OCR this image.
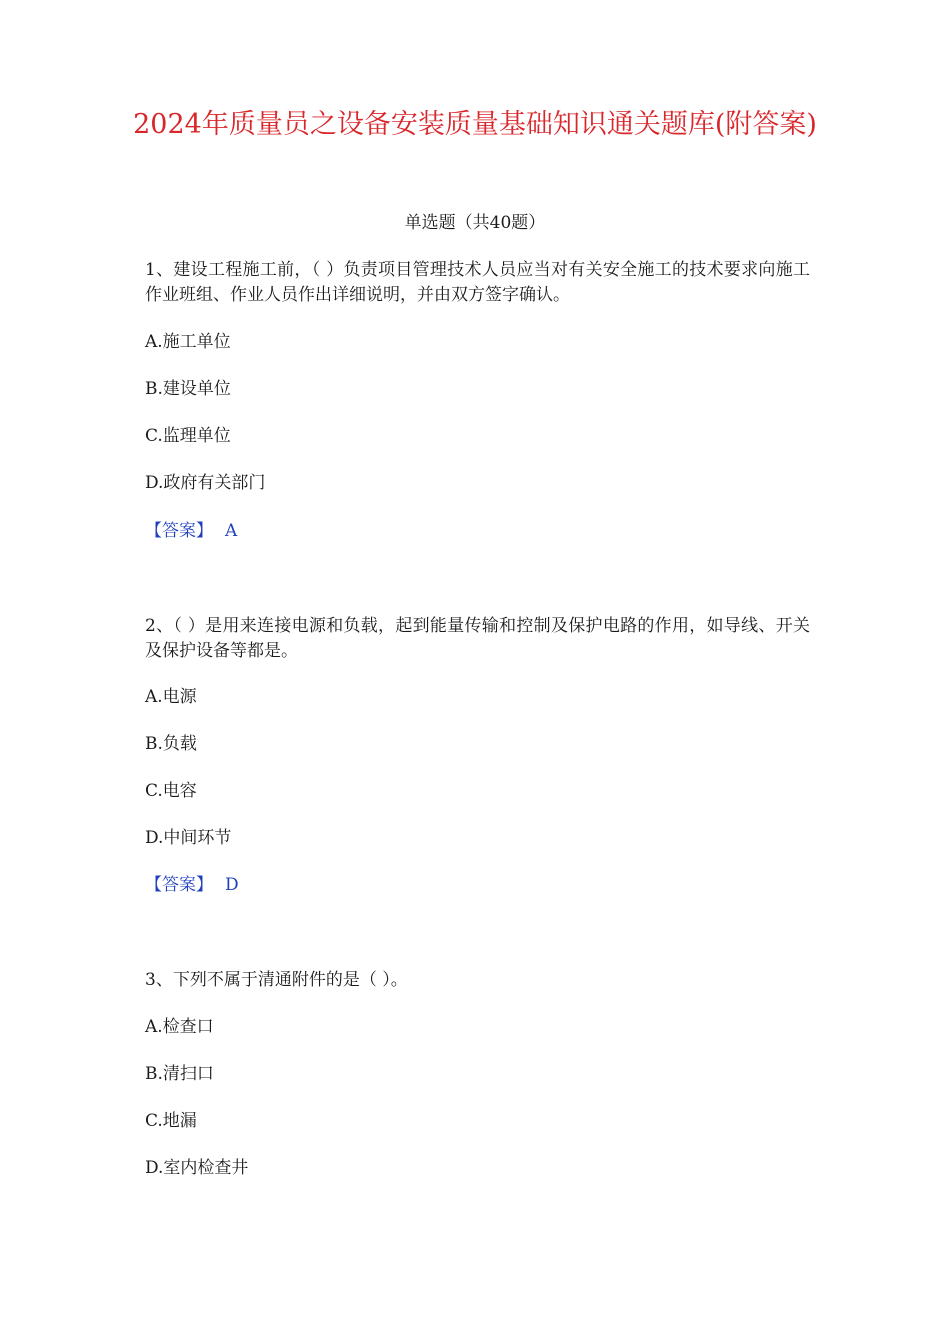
2024年质量员之设备安装质量基础知识通关题库(附答案)
单选题（共40题）
1、建设工程施工前，（ ）负责项目管理技术人员应当对有关安全施工的技术要求向施工作业班组、作业人员作出详细说明，并由双方签字确认。
A.施工单位
B.建设单位
C.监理单位
D.政府有关部门
【答案】 A
2、（ ）是用来连接电源和负载，起到能量传输和控制及保护电路的作用，如导线、开关及保护设备等都是。
A.电源
B.负载
C.电容
D.中间环节
【答案】 D
3、下列不属于清通附件的是（ ）。
A.检查口
B.清扫口
C.地漏
D.室内检查井
